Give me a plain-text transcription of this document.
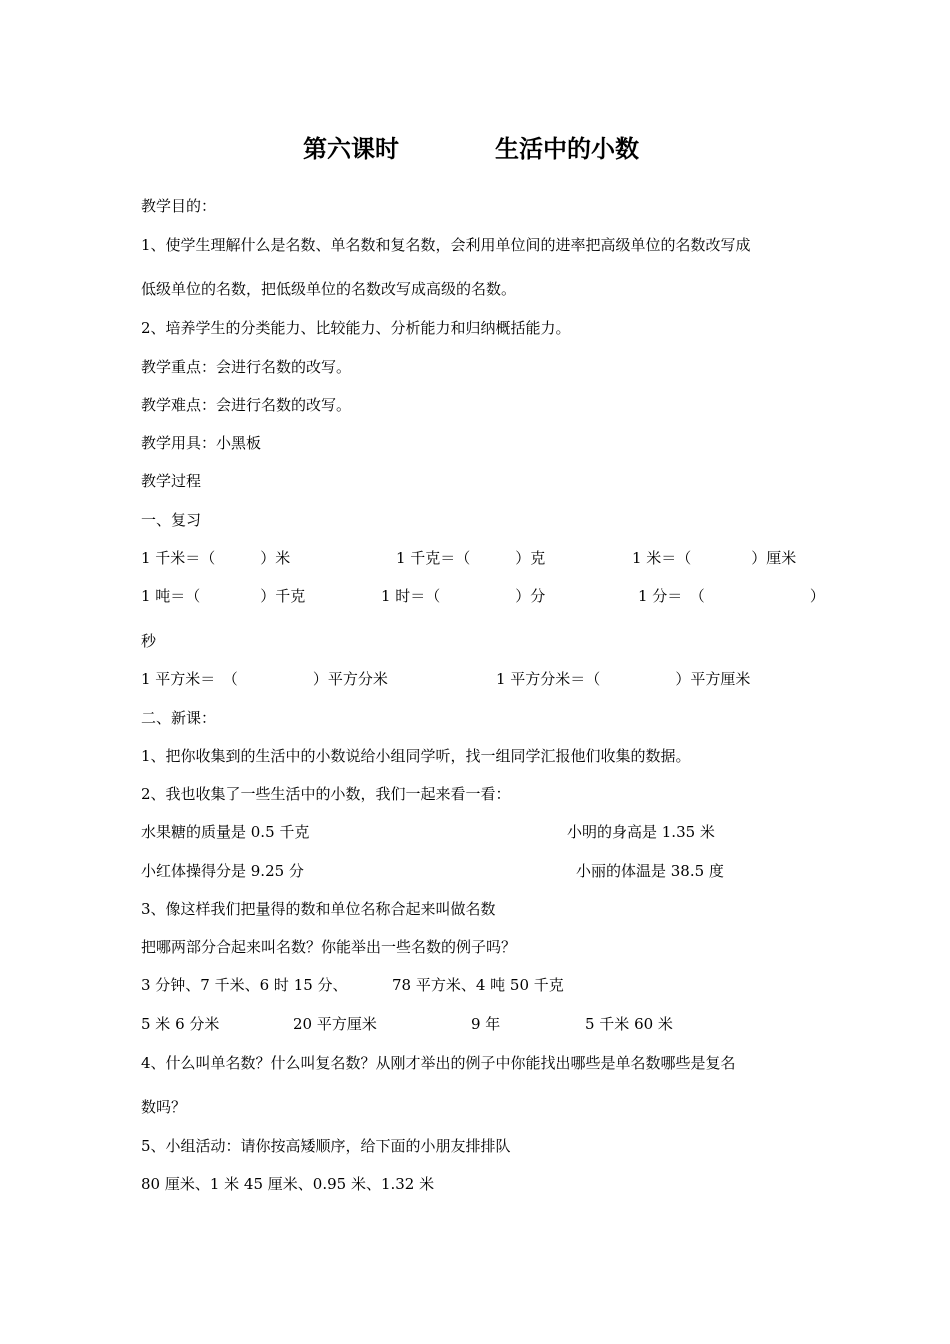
第六课时	生活中的小数
教学目的：
1、使学生理解什么是名数、单名数和复名数，会利用单位间的进率把高级单位的名数改写成
低级单位的名数，把低级单位的名数改写成高级的名数。
2、培养学生的分类能力、比较能力、分析能力和归纳概括能力。
教学重点：会进行名数的改写。
教学难点：会进行名数的改写。
教学用具：小黑板
教学过程
一、复习
1 千米＝（　　　）米	1 千克＝（　　　）克	1 米＝（　　　　）厘米
1 吨＝（　　　　）千克	1 时＝（　　　　　）分	1 分＝　（　　　　　　　）
秒
1 平方米＝　（　　　　　）平方分米	1 平方分米＝（　　　　　）平方厘米
二、新课：
1、把你收集到的生活中的小数说给小组同学听，找一组同学汇报他们收集的数据。
2、我也收集了一些生活中的小数，我们一起来看一看：
水果糖的质量是 0.5 千克	小明的身高是 1.35 米
小红体操得分是 9.25 分	小丽的体温是 38.5 度
3、像这样我们把量得的数和单位名称合起来叫做名数
把哪两部分合起来叫名数？你能举出一些名数的例子吗？
3 分钟、7 千米、6 时 15 分、	78 平方米、4 吨 50 千克
5 米 6 分米	20 平方厘米	9 年	5 千米 60 米
4、什么叫单名数？什么叫复名数？从刚才举出的例子中你能找出哪些是单名数哪些是复名
数吗？
5、小组活动：请你按高矮顺序，给下面的小朋友排排队
80 厘米、1 米 45 厘米、0.95 米、1.32 米
